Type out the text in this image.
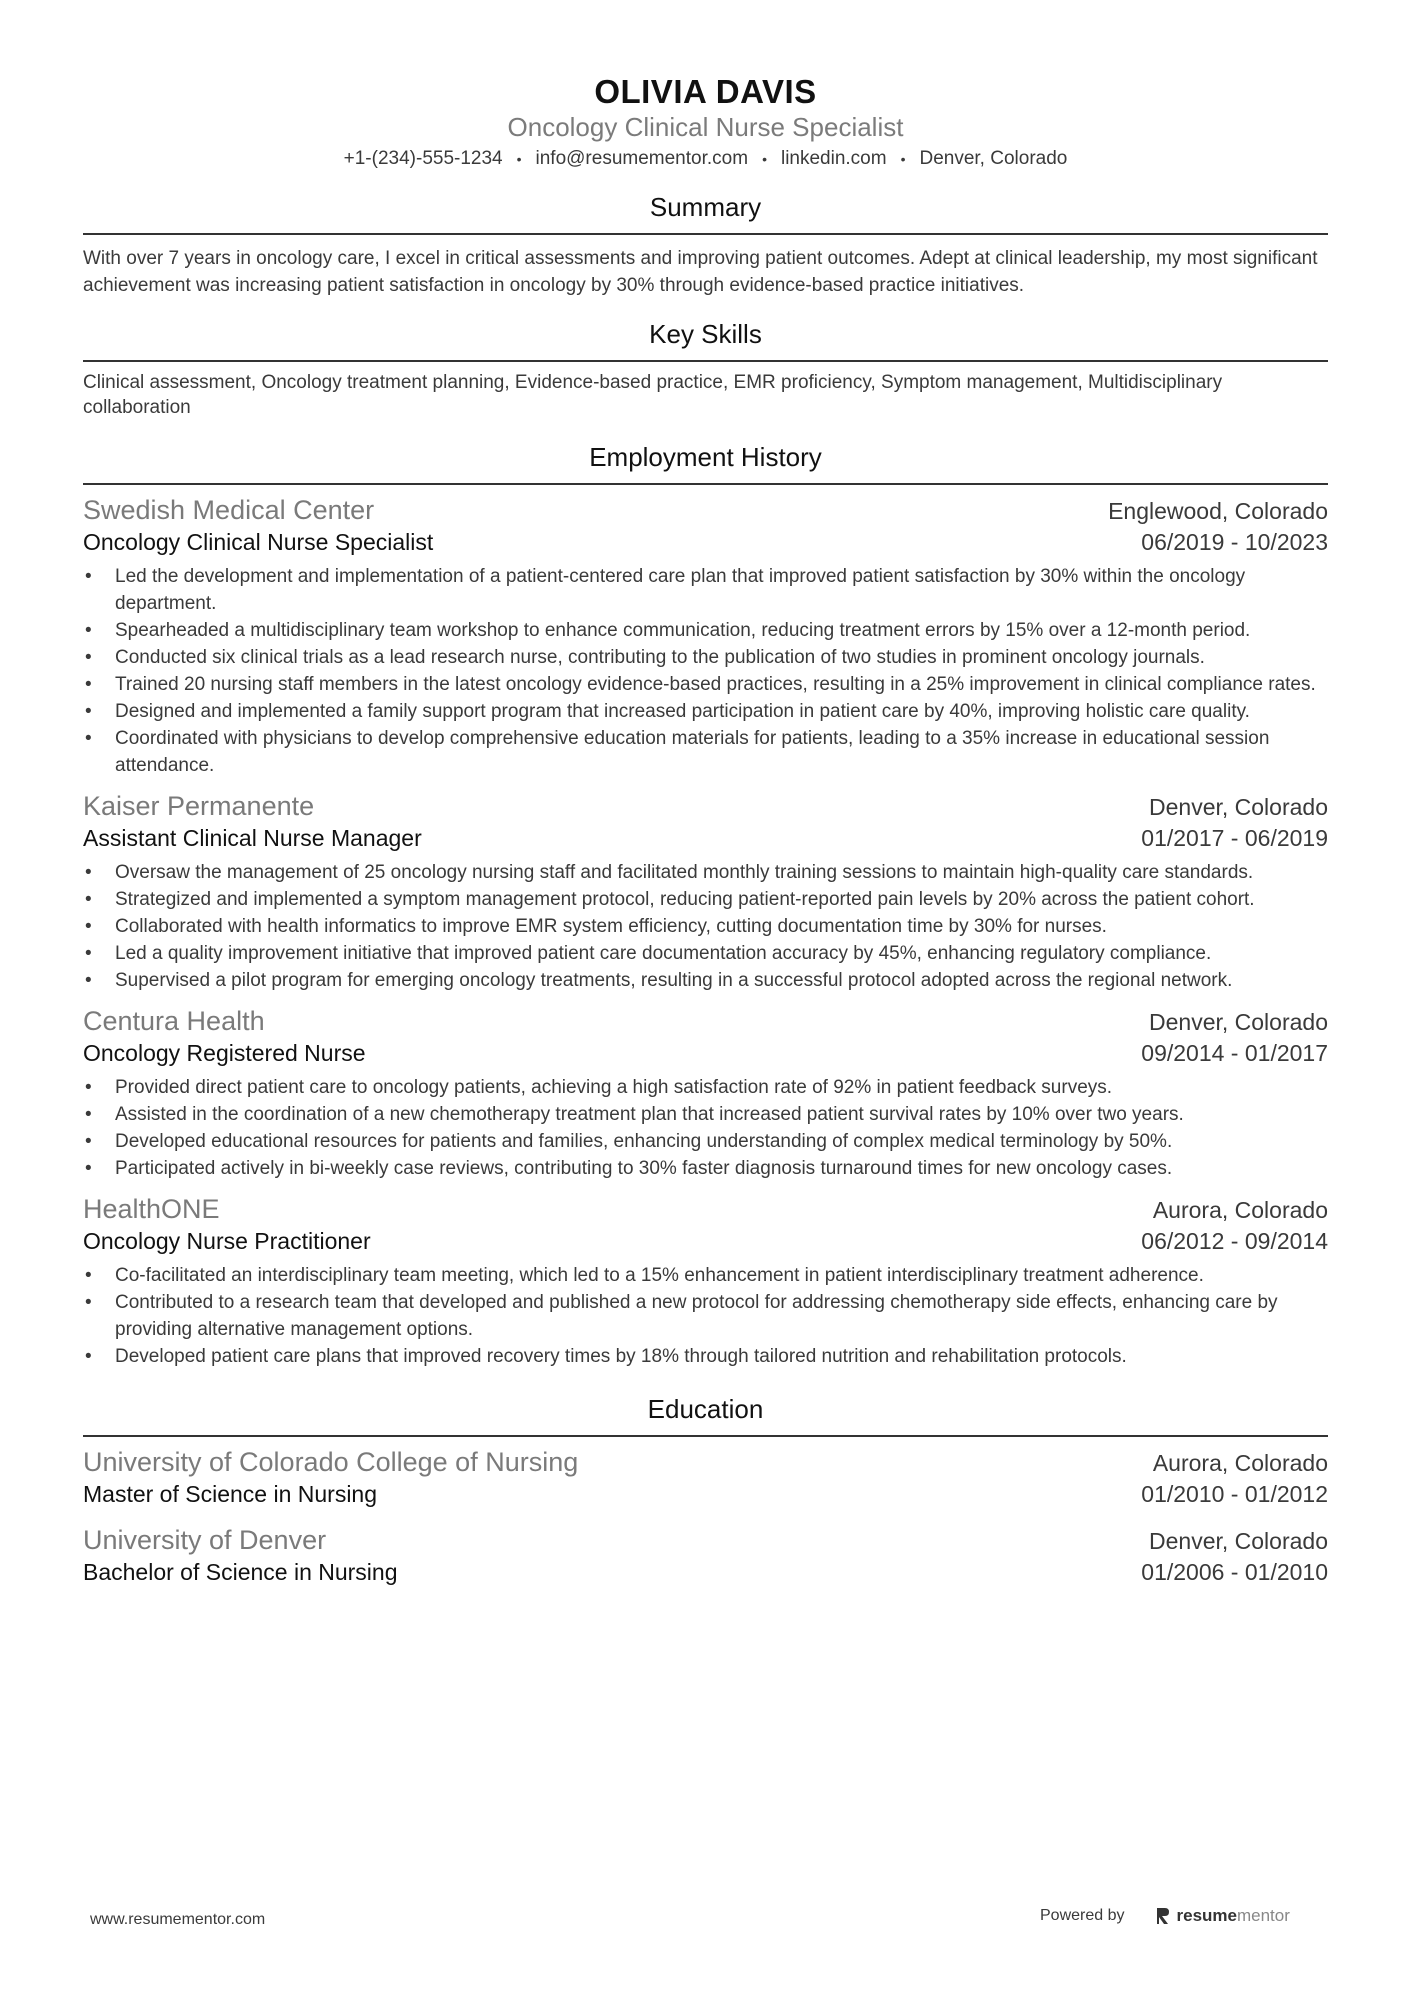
OLIVIA DAVIS
Oncology Clinical Nurse Specialist
+1-(234)-555-1234 • info@resumementor.com • linkedin.com • Denver, Colorado
Summary
With over 7 years in oncology care, I excel in critical assessments and improving patient outcomes. Adept at clinical leadership, my most significant achievement was increasing patient satisfaction in oncology by 30% through evidence-based practice initiatives.
Key Skills
Clinical assessment, Oncology treatment planning, Evidence-based practice, EMR proficiency, Symptom management, Multidisciplinary collaboration
Employment History
Swedish Medical Center	Englewood, Colorado
Oncology Clinical Nurse Specialist	06/2019 - 10/2023
• Led the development and implementation of a patient-centered care plan that improved patient satisfaction by 30% within the oncology department.
• Spearheaded a multidisciplinary team workshop to enhance communication, reducing treatment errors by 15% over a 12-month period.
• Conducted six clinical trials as a lead research nurse, contributing to the publication of two studies in prominent oncology journals.
• Trained 20 nursing staff members in the latest oncology evidence-based practices, resulting in a 25% improvement in clinical compliance rates.
• Designed and implemented a family support program that increased participation in patient care by 40%, improving holistic care quality.
• Coordinated with physicians to develop comprehensive education materials for patients, leading to a 35% increase in educational session attendance.
Kaiser Permanente	Denver, Colorado
Assistant Clinical Nurse Manager	01/2017 - 06/2019
• Oversaw the management of 25 oncology nursing staff and facilitated monthly training sessions to maintain high-quality care standards.
• Strategized and implemented a symptom management protocol, reducing patient-reported pain levels by 20% across the patient cohort.
• Collaborated with health informatics to improve EMR system efficiency, cutting documentation time by 30% for nurses.
• Led a quality improvement initiative that improved patient care documentation accuracy by 45%, enhancing regulatory compliance.
• Supervised a pilot program for emerging oncology treatments, resulting in a successful protocol adopted across the regional network.
Centura Health	Denver, Colorado
Oncology Registered Nurse	09/2014 - 01/2017
• Provided direct patient care to oncology patients, achieving a high satisfaction rate of 92% in patient feedback surveys.
• Assisted in the coordination of a new chemotherapy treatment plan that increased patient survival rates by 10% over two years.
• Developed educational resources for patients and families, enhancing understanding of complex medical terminology by 50%.
• Participated actively in bi-weekly case reviews, contributing to 30% faster diagnosis turnaround times for new oncology cases.
HealthONE	Aurora, Colorado
Oncology Nurse Practitioner	06/2012 - 09/2014
• Co-facilitated an interdisciplinary team meeting, which led to a 15% enhancement in patient interdisciplinary treatment adherence.
• Contributed to a research team that developed and published a new protocol for addressing chemotherapy side effects, enhancing care by providing alternative management options.
• Developed patient care plans that improved recovery times by 18% through tailored nutrition and rehabilitation protocols.
Education
University of Colorado College of Nursing	Aurora, Colorado
Master of Science in Nursing	01/2010 - 01/2012
University of Denver	Denver, Colorado
Bachelor of Science in Nursing	01/2006 - 01/2010
www.resumementor.com	Powered by	resume mentor
